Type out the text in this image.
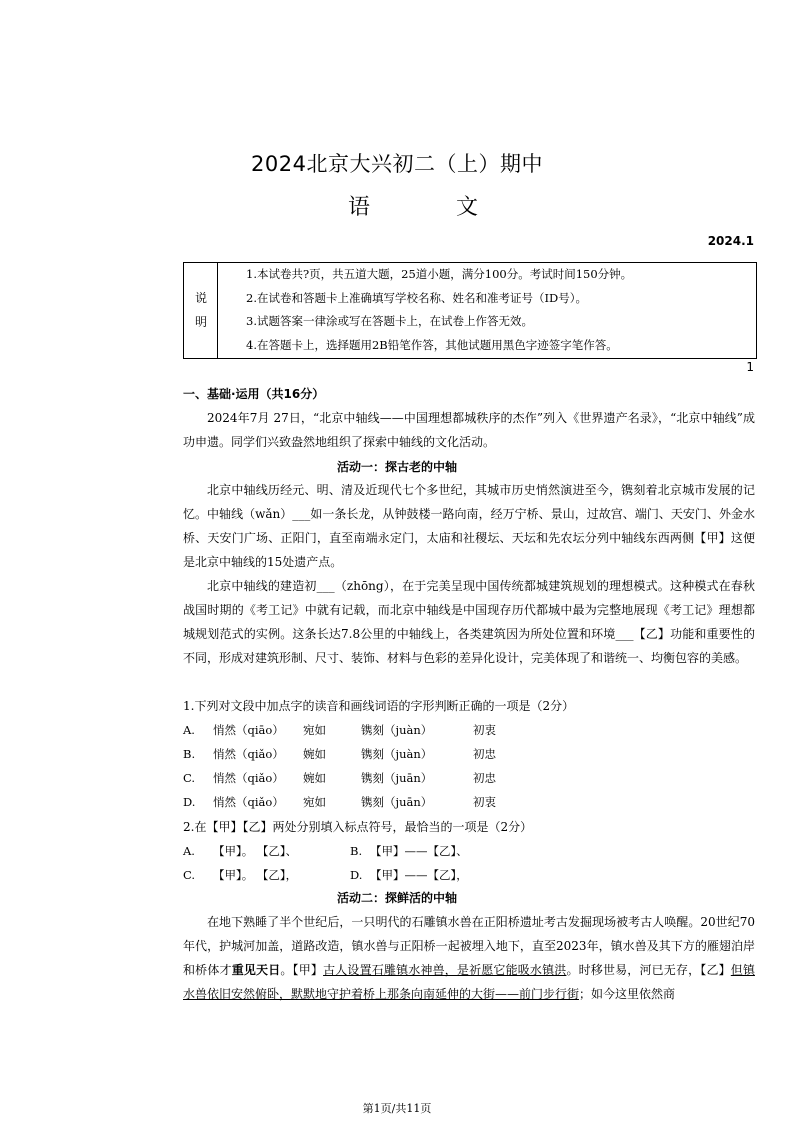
2024北京大兴初二（上）期中
语　文
2024.1
说
明
1.本试卷共?页，共五道大题，25道小题，满分100分。考试时间150分钟。
2.在试卷和答题卡上准确填写学校名称、姓名和准考证号（ID号）。
3.试题答案一律涂或写在答题卡上，在试卷上作答无效。
4.在答题卡上，选择题用2B铅笔作答，其他试题用黑色字迹签字笔作答。
1
一、基础·运用（共16分）
2024年7月 27日，“北京中轴线——中国理想都城秩序的杰作”列入《世界遗产名录》，“北京中轴线”成功申遗。同学们兴致盎然地组织了探索中轴线的文化活动。
活动一：探古老的中轴
北京中轴线历经元、明、清及近现代七个多世纪，其城市历史悄然演进至今，镌刻着北京城市发展的记忆。中轴线（wǎn）___如一条长龙，从钟鼓楼一路向南，经万宁桥、景山，过故宫、端门、天安门、外金水桥、天安门广场、正阳门，直至南端永定门，太庙和社稷坛、天坛和先农坛分列中轴线东西两侧【甲】这便是北京中轴线的15处遗产点。
北京中轴线的建造初___（zhōng），在于完美呈现中国传统都城建筑规划的理想模式。这种模式在春秋战国时期的《考工记》中就有记载，而北京中轴线是中国现存历代都城中最为完整地展现《考工记》理想都城规划范式的实例。这条长达7.8公里的中轴线上，各类建筑因为所处位置和环境___【乙】功能和重要性的不同，形成对建筑形制、尺寸、装饰、材料与色彩的差异化设计，完美体现了和谐统一、均衡包容的美感。
1.下列对文段中加点字的读音和画线词语的字形判断正确的一项是（2分）
A. 悄然（qiāo） 宛如	镌刻（juàn）	初衷
B. 悄然（qiǎo） 婉如	镌刻（juàn）	初忠
C. 悄然（qiǎo） 婉如	镌刻（juān）	初忠
D. 悄然（qiǎo） 宛如	镌刻（juān）	初衷
2.在【甲】【乙】两处分别填入标点符号，最恰当的一项是（2分）
A. 【甲】。 【乙】、	B. 【甲】——【乙】、
C. 【甲】。 【乙】，	D. 【甲】——【乙】，
活动二：探鲜活的中轴
在地下熟睡了半个世纪后，一只明代的石雕镇水兽在正阳桥遗址考古发掘现场被考古人唤醒。20世纪70年代，护城河加盖，道路改造，镇水兽与正阳桥一起被埋入地下，直至2023年，镇水兽及其下方的雁翅泊岸和桥体才重见天日。【甲】古人设置石雕镇水神兽，是祈愿它能吸水镇洪。时移世易，河已无存，【乙】但镇水兽依旧安然俯卧，默默地守护着桥上那条向南延伸的大街——前门步行街；如今这里依然商
第1页/共11页
